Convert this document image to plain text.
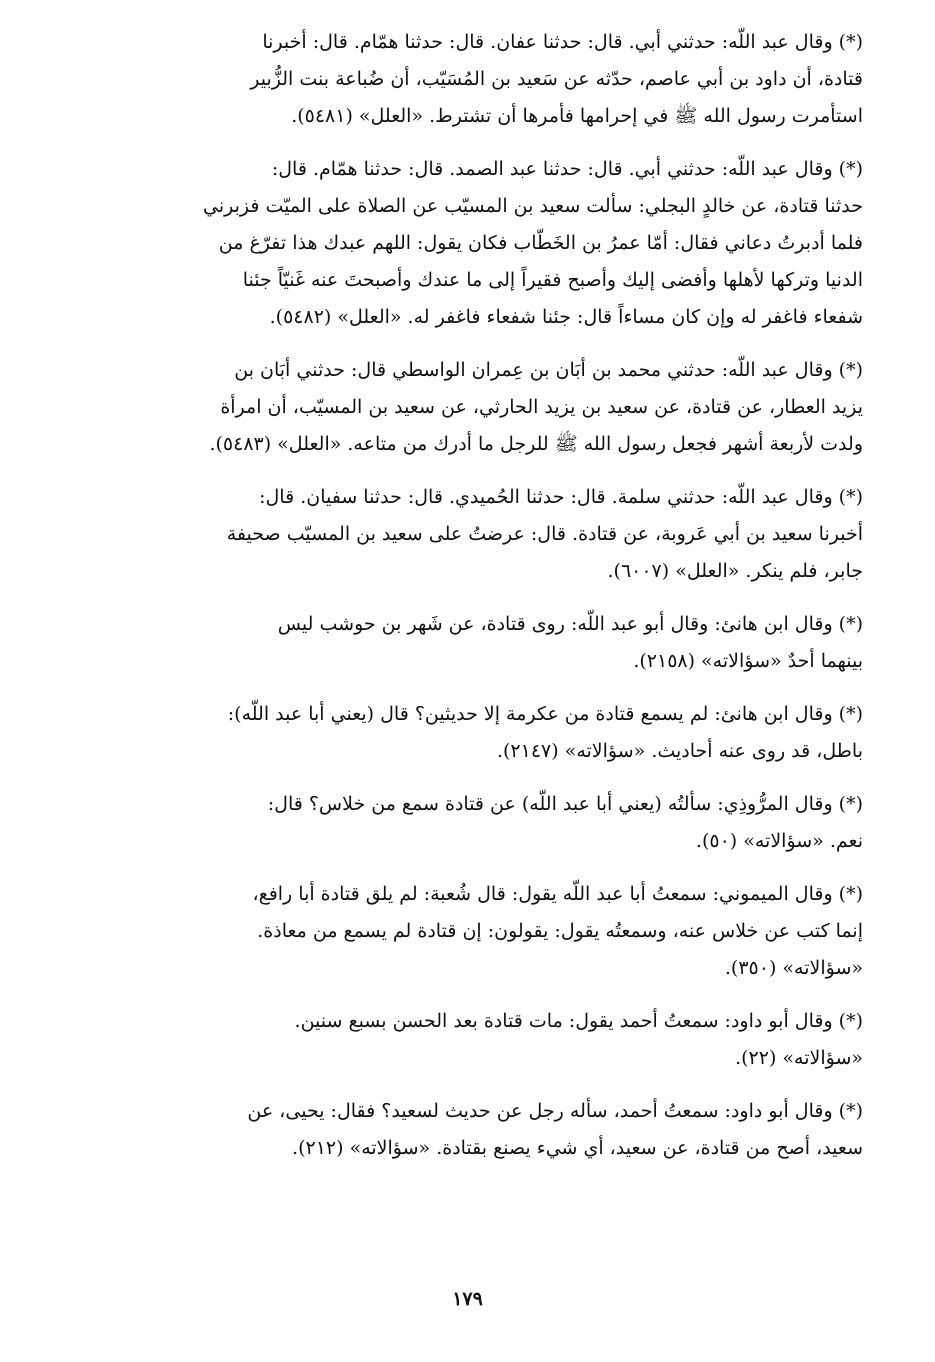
(*) وقال عبد اللّه: حدثني أبي. قال: حدثنا عفان. قال: حدثنا همّام. قال: أخبرنا
قتادة، أن داود بن أبي عاصم، حدّثه عن سَعيد بن المُسَيّب، أن ضُباعة بنت الزُّبير
استأمرت رسول الله ﷺ في إحرامها فأمرها أن تشترط. «العلل» (٥٤٨١).

(*) وقال عبد اللّه: حدثني أبي. قال: حدثنا عبد الصمد. قال: حدثنا همّام. قال:
حدثنا قتادة، عن خالدٍ البجلي: سألت سعيد بن المسيّب عن الصلاة على الميّت فزبرني
فلما أدبرتُ دعاني فقال: أمّا عمرُ بن الخَطّاب فكان يقول: اللهم عبدك هذا تفرّغ من
الدنيا وتركها لأهلها وأفضى إليك وأصبح فقيراً إلى ما عندك وأصبحتَ عنه غَنيّاً جئنا
شفعاء فاغفر له وإن كان مساءاً قال: جئنا شفعاء فاغفر له. «العلل» (٥٤٨٢).

(*) وقال عبد اللّه: حدثني محمد بن أبَان بن عِمران الواسطي قال: حدثني أبَان بن
يزيد العطار، عن قتادة، عن سعيد بن يزيد الحارثي، عن سعيد بن المسيّب، أن امرأة
ولدت لأربعة أشهر فجعل رسول الله ﷺ للرجل ما أدرك من متاعه. «العلل» (٥٤٨٣).

(*) وقال عبد اللّه: حدثني سلمة. قال: حدثنا الحُميدي. قال: حدثنا سفيان. قال:
أخبرنا سعيد بن أبي عَروبة، عن قتادة. قال: عرضتُ على سعيد بن المسيّب صحيفة
جابر، فلم ينكر. «العلل» (٦٠٠٧).

(*) وقال ابن هانئ: وقال أبو عبد اللّه: روى قتادة، عن شَهر بن حوشب ليس
بينهما أحدٌ «سؤالاته» (٢١٥٨).

(*) وقال ابن هانئ: لم يسمع قتادة من عكرمة إلا حديثين؟ قال (يعني أبا عبد اللّه):
باطل، قد روى عنه أحاديث. «سؤالاته» (٢١٤٧).

(*) وقال المرُّوذِي: سألتُه (يعني أبا عبد اللّه) عن قتادة سمع من خلاس؟ قال:
نعم. «سؤالاته» (٥٠).

(*) وقال الميموني: سمعتُ أبا عبد اللّه يقول: قال شُعبة: لم يلق قتادة أبا رافع،
إنما كتب عن خلاس عنه، وسمعتُه يقول: يقولون: إن قتادة لم يسمع من معاذة.
«سؤالاته» (٣٥٠).

(*) وقال أبو داود: سمعتُ أحمد يقول: مات قتادة بعد الحسن بسبع سنين.
«سؤالاته» (٢٢).

(*) وقال أبو داود: سمعتُ أحمد، سأله رجل عن حديث لسعيد؟ فقال: يحيى، عن
سعيد، أصح من قتادة، عن سعيد، أي شيء يصنع بقتادة. «سؤالاته» (٢١٢).

١٧٩
